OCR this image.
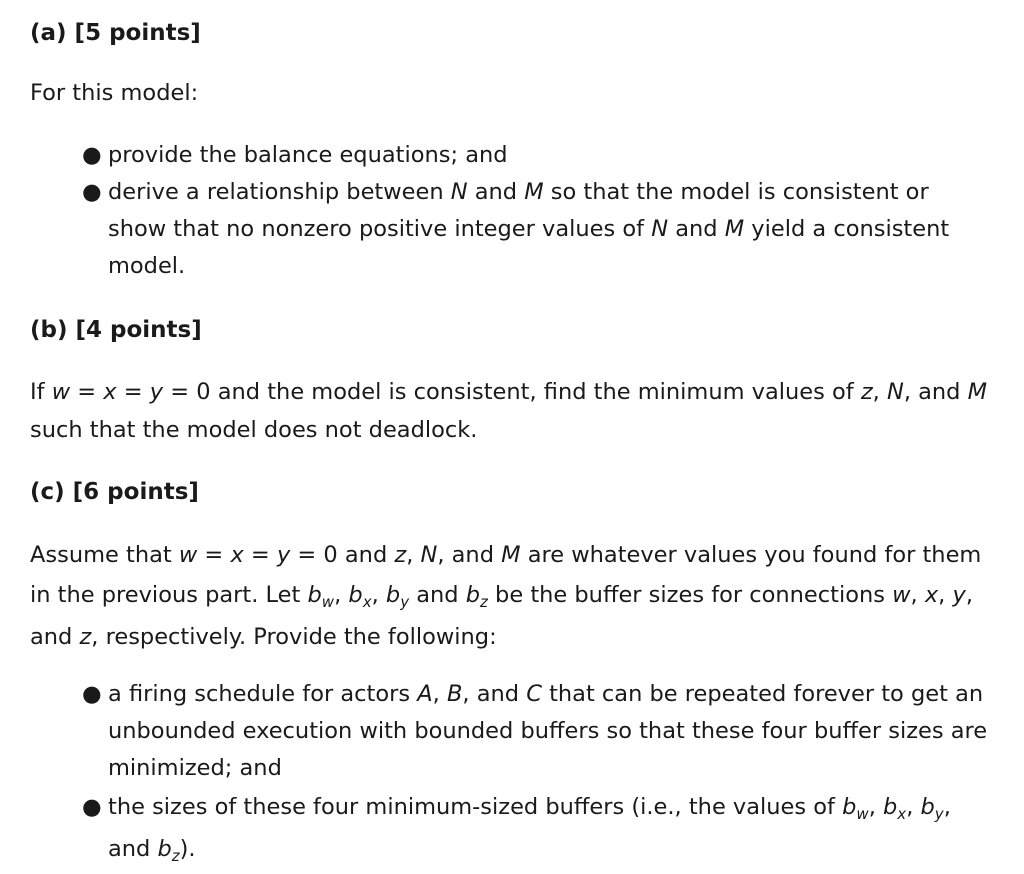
(a) [5 points]
For this model:
● provide the balance equations; and
● derive a relationship between N and M so that the model is consistent or
show that no nonzero positive integer values of N and M yield a consistent
model.
(b) [4 points]
If w = x = y = 0 and the model is consistent, find the minimum values of z, N, and M
such that the model does not deadlock.
(c) [6 points]
Assume that w = x = y = 0 and z, N, and M are whatever values you found for them
in the previous part. Let $b_w$, $b_x$, $b_y$ and $b_z$ be the buffer sizes for connections w, x, y,
and z, respectively. Provide the following:
● a firing schedule for actors A, B, and C that can be repeated forever to get an
unbounded execution with bounded buffers so that these four buffer sizes are
minimized; and
● the sizes of these four minimum-sized buffers (i.e., the values of $b_w$, $b_x$, $b_y$,
and $b_z$).
